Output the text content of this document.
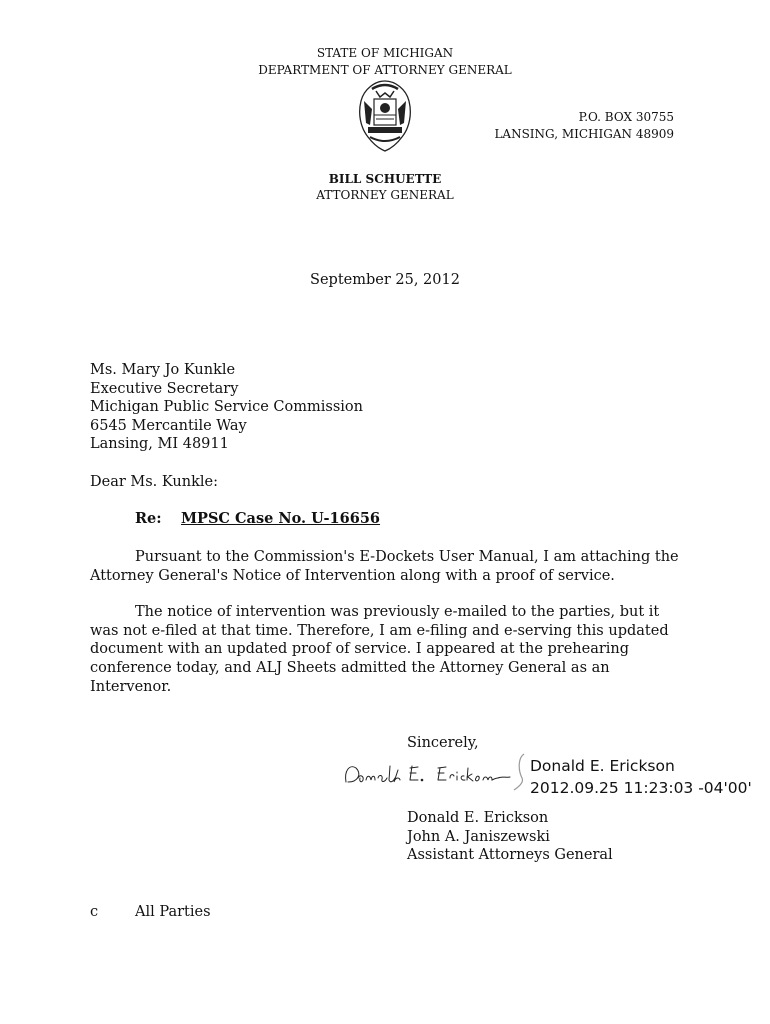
STATE OF MICHIGAN
DEPARTMENT OF ATTORNEY GENERAL
P.O. BOX 30755
LANSING, MICHIGAN 48909
BILL SCHUETTE
ATTORNEY GENERAL
September 25, 2012
Ms. Mary Jo Kunkle
Executive Secretary
Michigan Public Service Commission
6545 Mercantile Way
Lansing, MI 48911
Dear Ms. Kunkle:
Re: MPSC Case No. U-16656

Pursuant to the Commission's E-Dockets User Manual, I am attaching the Attorney General's Notice of Intervention along with a proof of service.

The notice of intervention was previously e-mailed to the parties, but it was not e-filed at that time. Therefore, I am e-filing and e-serving this updated document with an updated proof of service. I appeared at the prehearing conference today, and ALJ Sheets admitted the Attorney General as an Intervenor.

Sincerely,
Donald E. Erickson
2012.09.25 11:23:03 -04'00'
Donald E. Erickson
John A. Janiszewski
Assistant Attorneys General
c	All Parties
